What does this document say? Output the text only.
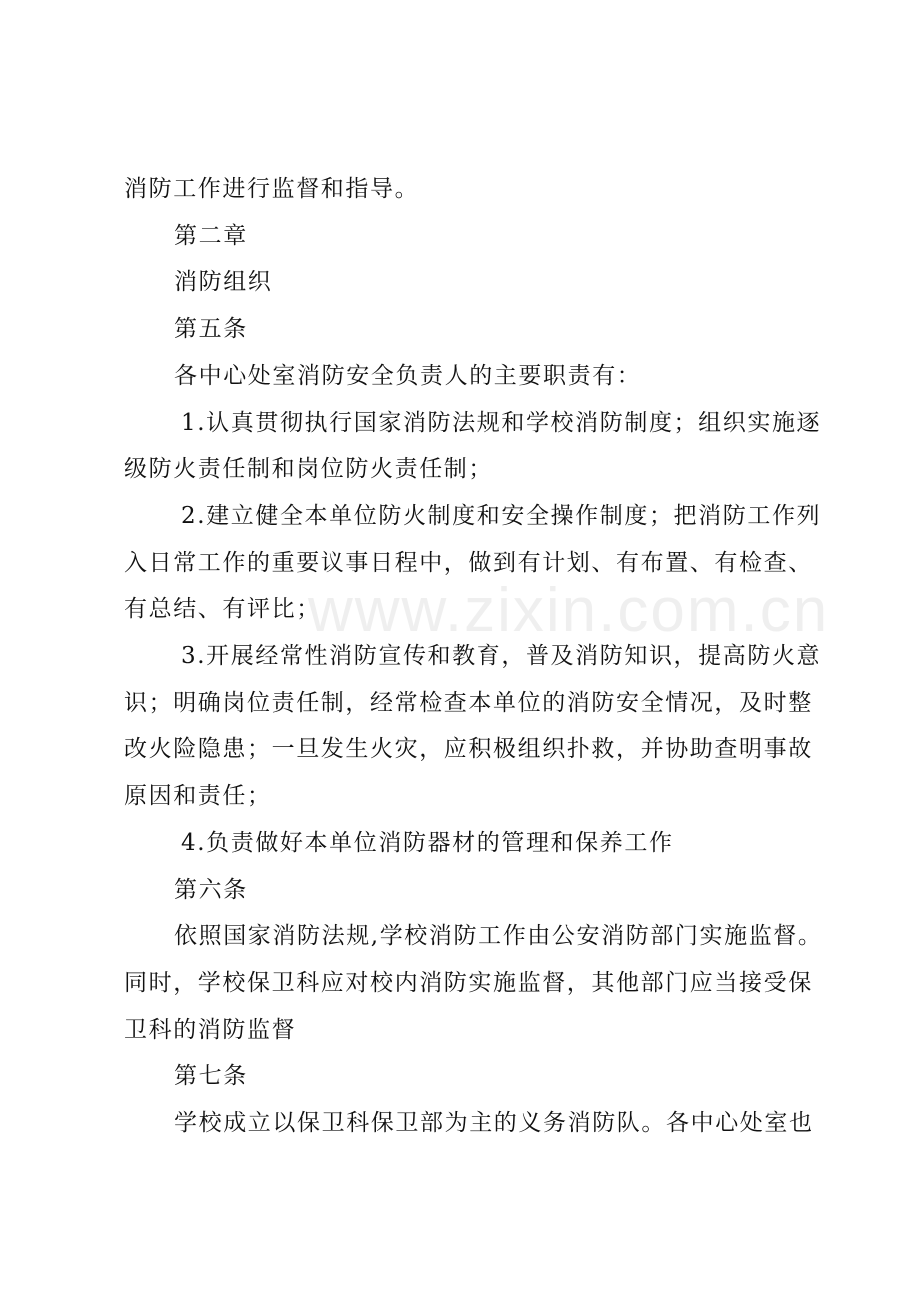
消防工作进行监督和指导。

第二章

消防组织

第五条

各中心处室消防安全负责人的主要职责有：

1.认真贯彻执行国家消防法规和学校消防制度；组织实施逐级防火责任制和岗位防火责任制；

2.建立健全本单位防火制度和安全操作制度；把消防工作列入日常工作的重要议事日程中，做到有计划、有布置、有检查、有总结、有评比；

3.开展经常性消防宣传和教育，普及消防知识，提高防火意识；明确岗位责任制，经常检查本单位的消防安全情况，及时整改火险隐患；一旦发生火灾，应积极组织扑救，并协助查明事故原因和责任；

4.负责做好本单位消防器材的管理和保养工作

第六条

依照国家消防法规,学校消防工作由公安消防部门实施监督。同时，学校保卫科应对校内消防实施监督，其他部门应当接受保卫科的消防监督

第七条

学校成立以保卫科保卫部为主的义务消防队。各中心处室也

www.zixin.com.cn
